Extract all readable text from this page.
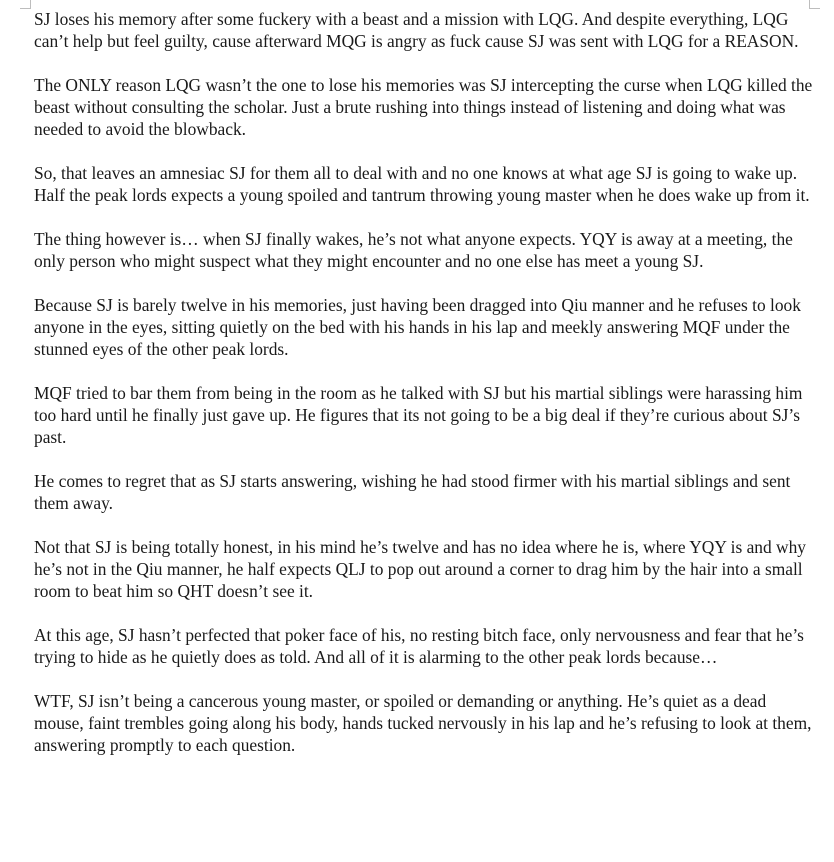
SJ loses his memory after some fuckery with a beast and a mission with LQG. And despite everything, LQG can’t help but feel guilty, cause afterward MQG is angry as fuck cause SJ was sent with LQG for a REASON.

The ONLY reason LQG wasn’t the one to lose his memories was SJ intercepting the curse when LQG killed the beast without consulting the scholar. Just a brute rushing into things instead of listening and doing what was needed to avoid the blowback.

So, that leaves an amnesiac SJ for them all to deal with and no one knows at what age SJ is going to wake up. Half the peak lords expects a young spoiled and tantrum throwing young master when he does wake up from it.

The thing however is… when SJ finally wakes, he’s not what anyone expects. YQY is away at a meeting, the only person who might suspect what they might encounter and no one else has meet a young SJ.

Because SJ is barely twelve in his memories, just having been dragged into Qiu manner and he refuses to look anyone in the eyes, sitting quietly on the bed with his hands in his lap and meekly answering MQF under the stunned eyes of the other peak lords.

MQF tried to bar them from being in the room as he talked with SJ but his martial siblings were harassing him too hard until he finally just gave up. He figures that its not going to be a big deal if they’re curious about SJ’s past.

He comes to regret that as SJ starts answering, wishing he had stood firmer with his martial siblings and sent them away.

Not that SJ is being totally honest, in his mind he’s twelve and has no idea where he is, where YQY is and why he’s not in the Qiu manner, he half expects QLJ to pop out around a corner to drag him by the hair into a small room to beat him so QHT doesn’t see it.

At this age, SJ hasn’t perfected that poker face of his, no resting bitch face, only nervousness and fear that he’s trying to hide as he quietly does as told. And all of it is alarming to the other peak lords because…

WTF, SJ isn’t being a cancerous young master, or spoiled or demanding or anything. He’s quiet as a dead mouse, faint trembles going along his body, hands tucked nervously in his lap and he’s refusing to look at them, answering promptly to each question.
